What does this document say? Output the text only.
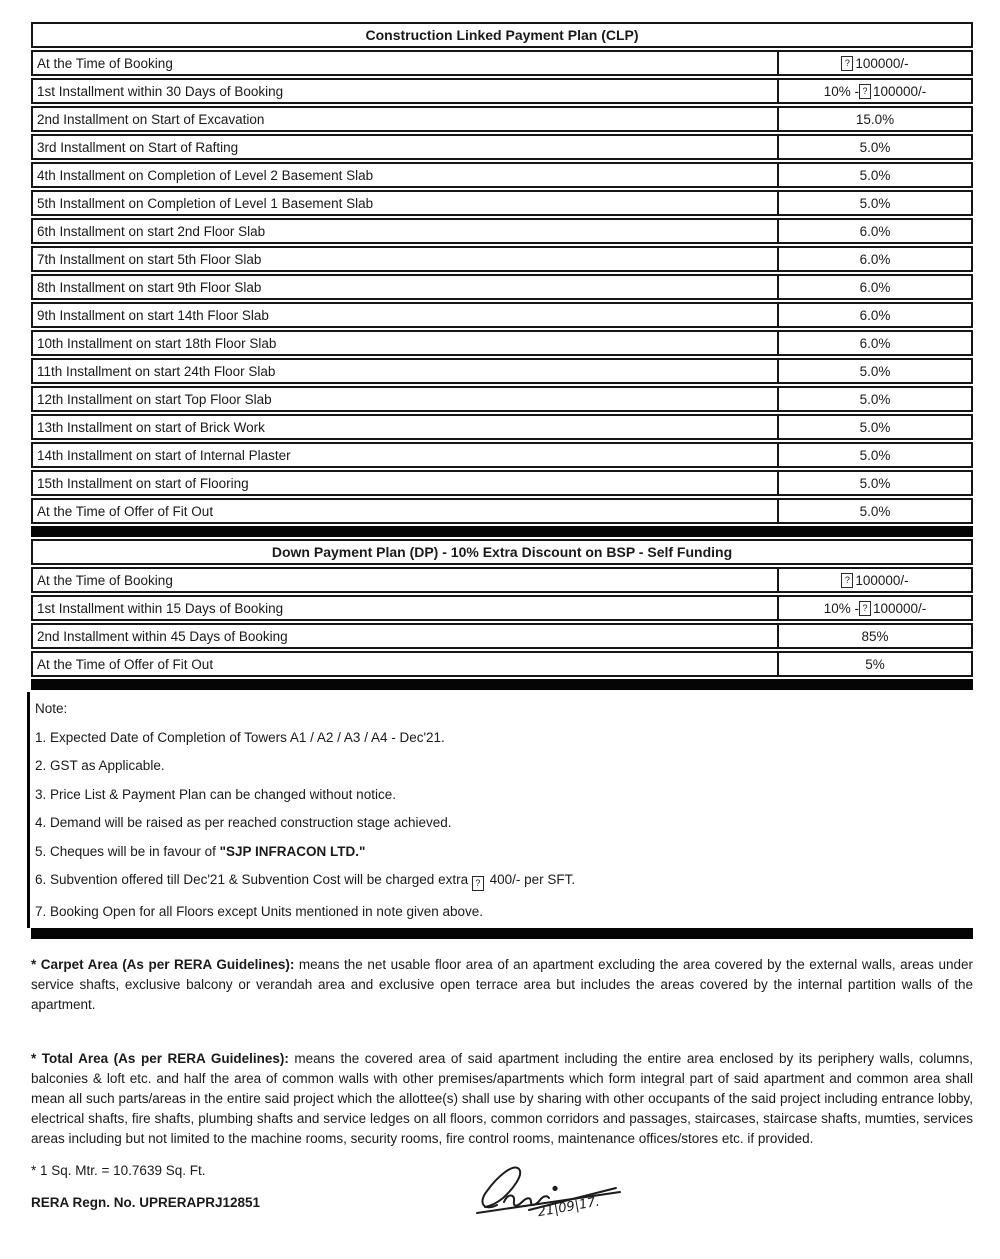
Construction Linked Payment Plan (CLP)
At the Time of Booking	? 100000/-
1st Installment within 30 Days of Booking	10% - ? 100000/-
2nd Installment on Start of Excavation	15.0%
3rd Installment on Start of Rafting	5.0%
4th Installment on Completion of Level 2 Basement Slab	5.0%
5th Installment on Completion of Level 1 Basement Slab	5.0%
6th Installment on start 2nd Floor Slab	6.0%
7th Installment on start 5th Floor Slab	6.0%
8th Installment on start 9th Floor Slab	6.0%
9th Installment on start 14th Floor Slab	6.0%
10th Installment on start 18th Floor Slab	6.0%
11th Installment on start 24th Floor Slab	5.0%
12th Installment on start Top Floor Slab	5.0%
13th Installment on start of Brick Work	5.0%
14th Installment on start of Internal Plaster	5.0%
15th Installment on start of Flooring	5.0%
At the Time of Offer of Fit Out	5.0%
Down Payment Plan (DP) - 10% Extra Discount on BSP - Self Funding
At the Time of Booking	? 100000/-
1st Installment within 15 Days of Booking	10% - ? 100000/-
2nd Installment within 45 Days of Booking	85%
At the Time of Offer of Fit Out	5%
Note:
1. Expected Date of Completion of Towers A1 / A2 / A3 / A4 - Dec'21.
2. GST as Applicable.
3. Price List & Payment Plan can be changed without notice.
4. Demand will be raised as per reached construction stage achieved.
5. Cheques will be in favour of "SJP INFRACON LTD."
6. Subvention offered till Dec'21 & Subvention Cost will be charged extra ? 400/- per SFT.
7. Booking Open for all Floors except Units mentioned in note given above.

* Carpet Area (As per RERA Guidelines): means the net usable floor area of an apartment excluding the area covered by the external walls, areas under service shafts, exclusive balcony or verandah area and exclusive open terrace area but includes the areas covered by the internal partition walls of the apartment.

* Total Area (As per RERA Guidelines): means the covered area of said apartment including the entire area enclosed by its periphery walls, columns, balconies & loft etc. and half the area of common walls with other premises/apartments which form integral part of said apartment and common area shall mean all such parts/areas in the entire said project which the allottee(s) shall use by sharing with other occupants of the said project including entrance lobby, electrical shafts, fire shafts, plumbing shafts and service ledges on all floors, common corridors and passages, staircases, staircase shafts, mumties, services areas including but not limited to the machine rooms, security rooms, fire control rooms, maintenance offices/stores etc. if provided.

* 1 Sq. Mtr. = 10.7639 Sq. Ft.

RERA Regn. No. UPRERAPRJ12851	21|09|17.
